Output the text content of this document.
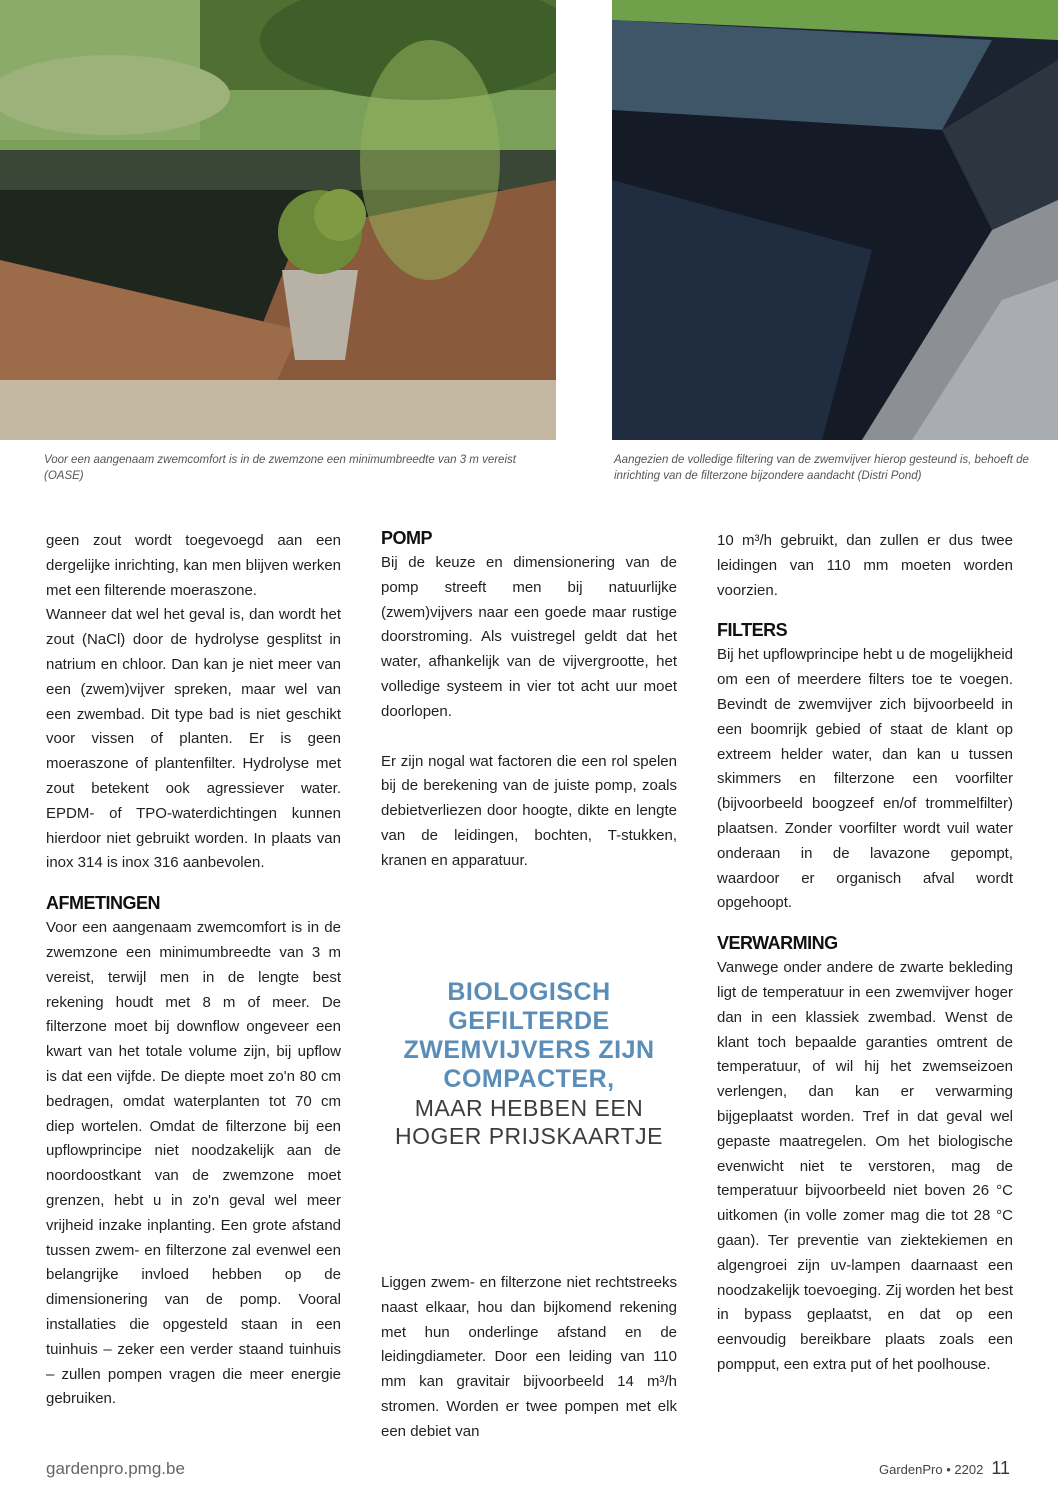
Voor een aangenaam zwemcomfort is in de zwemzone een minimumbreedte van 3 m vereist (OASE)
Aangezien de volledige filtering van de zwemvijver hierop gesteund is, behoeft de inrichting van de filterzone bijzondere aandacht (Distri Pond)

geen zout wordt toegevoegd aan een dergelijke inrichting, kan men blijven werken met een filterende moeraszone.

Wanneer dat wel het geval is, dan wordt het zout (NaCl) door de hydrolyse gesplitst in natrium en chloor. Dan kan je niet meer van een (zwem)vijver spreken, maar wel van een zwembad. Dit type bad is niet geschikt voor vissen of planten. Er is geen moeraszone of plantenfilter. Hydrolyse met zout betekent ook agressiever water. EPDM- of TPO-waterdichtingen kunnen hierdoor niet gebruikt worden. In plaats van inox 314 is inox 316 aanbevolen.

AFMETINGEN

Voor een aangenaam zwemcomfort is in de zwemzone een minimumbreedte van 3 m vereist, terwijl men in de lengte best rekening houdt met 8 m of meer. De filterzone moet bij downflow ongeveer een kwart van het totale volume zijn, bij upflow is dat een vijfde. De diepte moet zo'n 80 cm bedragen, omdat waterplanten tot 70 cm diep wortelen. Omdat de filterzone bij een upflowprincipe niet noodzakelijk aan de noordoostkant van de zwemzone moet grenzen, hebt u in zo'n geval wel meer vrijheid inzake inplanting. Een grote afstand tussen zwem- en filterzone zal evenwel een belangrijke invloed hebben op de dimensionering van de pomp. Vooral installaties die opgesteld staan in een tuinhuis – zeker een verder staand tuinhuis – zullen pompen vragen die meer energie gebruiken.

POMP

Bij de keuze en dimensionering van de pomp streeft men bij natuurlijke (zwem)vijvers naar een goede maar rustige doorstroming. Als vuistregel geldt dat het water, afhankelijk van de vijvergrootte, het volledige systeem in vier tot acht uur moet doorlopen.

Er zijn nogal wat factoren die een rol spelen bij de berekening van de juiste pomp, zoals debietverliezen door hoogte, dikte en lengte van de leidingen, bochten, T-stukken, kranen en apparatuur.

BIOLOGISCH GEFILTERDE ZWEMVIJVERS ZIJN COMPACTER,

MAAR HEBBEN EEN HOGER PRIJSKAARTJE

Liggen zwem- en filterzone niet rechtstreeks naast elkaar, hou dan bijkomend rekening met hun onderlinge afstand en de leidingdiameter. Door een leiding van 110 mm kan gravitair bijvoorbeeld 14 m³/h stromen. Worden er twee pompen met elk een debiet van

10 m³/h gebruikt, dan zullen er dus twee leidingen van 110 mm moeten worden voorzien.

FILTERS

Bij het upflowprincipe hebt u de mogelijkheid om een of meerdere filters toe te voegen. Bevindt de zwemvijver zich bijvoorbeeld in een boomrijk gebied of staat de klant op extreem helder water, dan kan u tussen skimmers en filterzone een voorfilter (bijvoorbeeld boogzeef en/of trommelfilter) plaatsen. Zonder voorfilter wordt vuil water onderaan in de lavazone gepompt, waardoor er organisch afval wordt opgehoopt.

VERWARMING

Vanwege onder andere de zwarte bekleding ligt de temperatuur in een zwemvijver hoger dan in een klassiek zwembad. Wenst de klant toch bepaalde garanties omtrent de temperatuur, of wil hij het zwemseizoen verlengen, dan kan er verwarming bijgeplaatst worden. Tref in dat geval wel gepaste maatregelen. Om het biologische evenwicht niet te verstoren, mag de temperatuur bijvoorbeeld niet boven 26 °C uitkomen (in volle zomer mag die tot 28 °C gaan). Ter preventie van ziektekiemen en algengroei zijn uv-lampen daarnaast een noodzakelijk toevoeging. Zij worden het best in bypass geplaatst, en dat op een eenvoudig bereikbare plaats zoals een pompput, een extra put of het poolhouse.

gardenpro.pmg.be	GardenPro • 2202 11
